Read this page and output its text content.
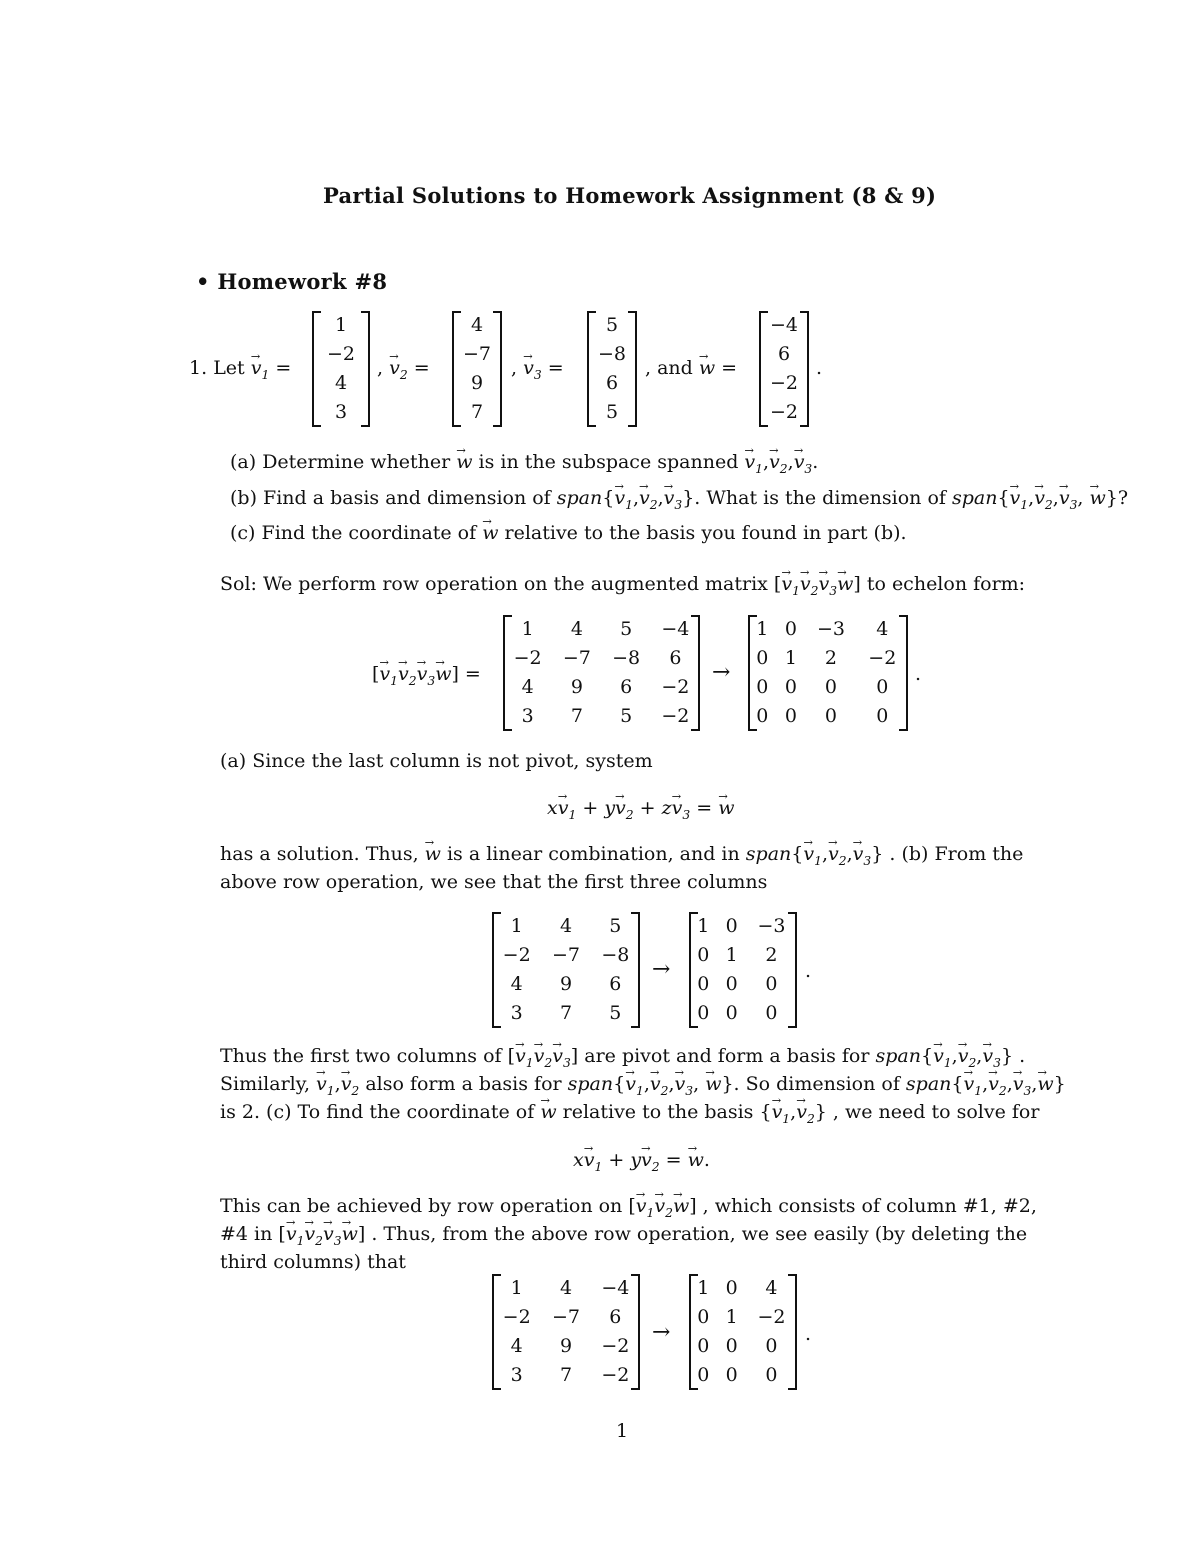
Partial Solutions to Homework Assignment (8 & 9)
• Homework #8
1. Let → $v_1$ =
1
−2
4
3
, → $v_2$ =
4
−7
9
7
, → $v_3$ =
5
−8
6
5
, and → w =
−4
6
−2
−2
.
(a) Determine whether → w is in the subspace spanned → $v_1,\to v_2,\to v_3$.
(b) Find a basis and dimension of span{→ $v_1,\to v_2,\to v_3$}. What is the dimension of span{→ $v_1,\to v_2,\to v_3$, → w}?
(c) Find the coordinate of → w relative to the basis you found in part (b).
Sol: We perform row operation on the augmented matrix [→ $v_1\to v_2\to v_3\to w$] to echelon form:
[→ $v_1\to v_2\to v_3\to w$] =
1	4	5	−4
−2	−7	−8	6
4	9	6	−2
3	7	5	−2
→
1	0	−3	4
0	1	2	−2
0	0	0	0
0	0	0	0
.
(a) Since the last column is not pivot, system
$x\to v_1 + y\to v_2 + z\to v_3$ = → w
has a solution. Thus, → w is a linear combination, and in span{→ $v_1,\to v_2,\to v_3$} . (b) From the
above row operation, we see that the first three columns
1	4	5
−2	−7	−8
4	9	6
3	7	5
→
1	0	−3
0	1	2
0	0	0
0	0	0
.
Thus the first two columns of [→ $v_1\to v_2\to v_3$] are pivot and form a basis for span{→ $v_1,\to v_2,\to v_3$} .
Similarly, → $v_1,\to v_2$ also form a basis for span{→ $v_1,\to v_2,\to v_3$, → w}. So dimension of span{→ $v_1,\to v_2,\to v_3,\to w$}
is 2. (c) To find the coordinate of → w relative to the basis {→ $v_1,\to v_2$} , we need to solve for
$x\to v_1 + y\to v_2$ = → w.
This can be achieved by row operation on [→ $v_1\to v_2\to w$] , which consists of column #1, #2,
#4 in [→ $v_1\to v_2\to v_3\to w$] . Thus, from the above row operation, we see easily (by deleting the
third columns) that
1	4	−4
−2	−7	6
4	9	−2
3	7	−2
→
1	0	4
0	1	−2
0	0	0
0	0	0
.
1
